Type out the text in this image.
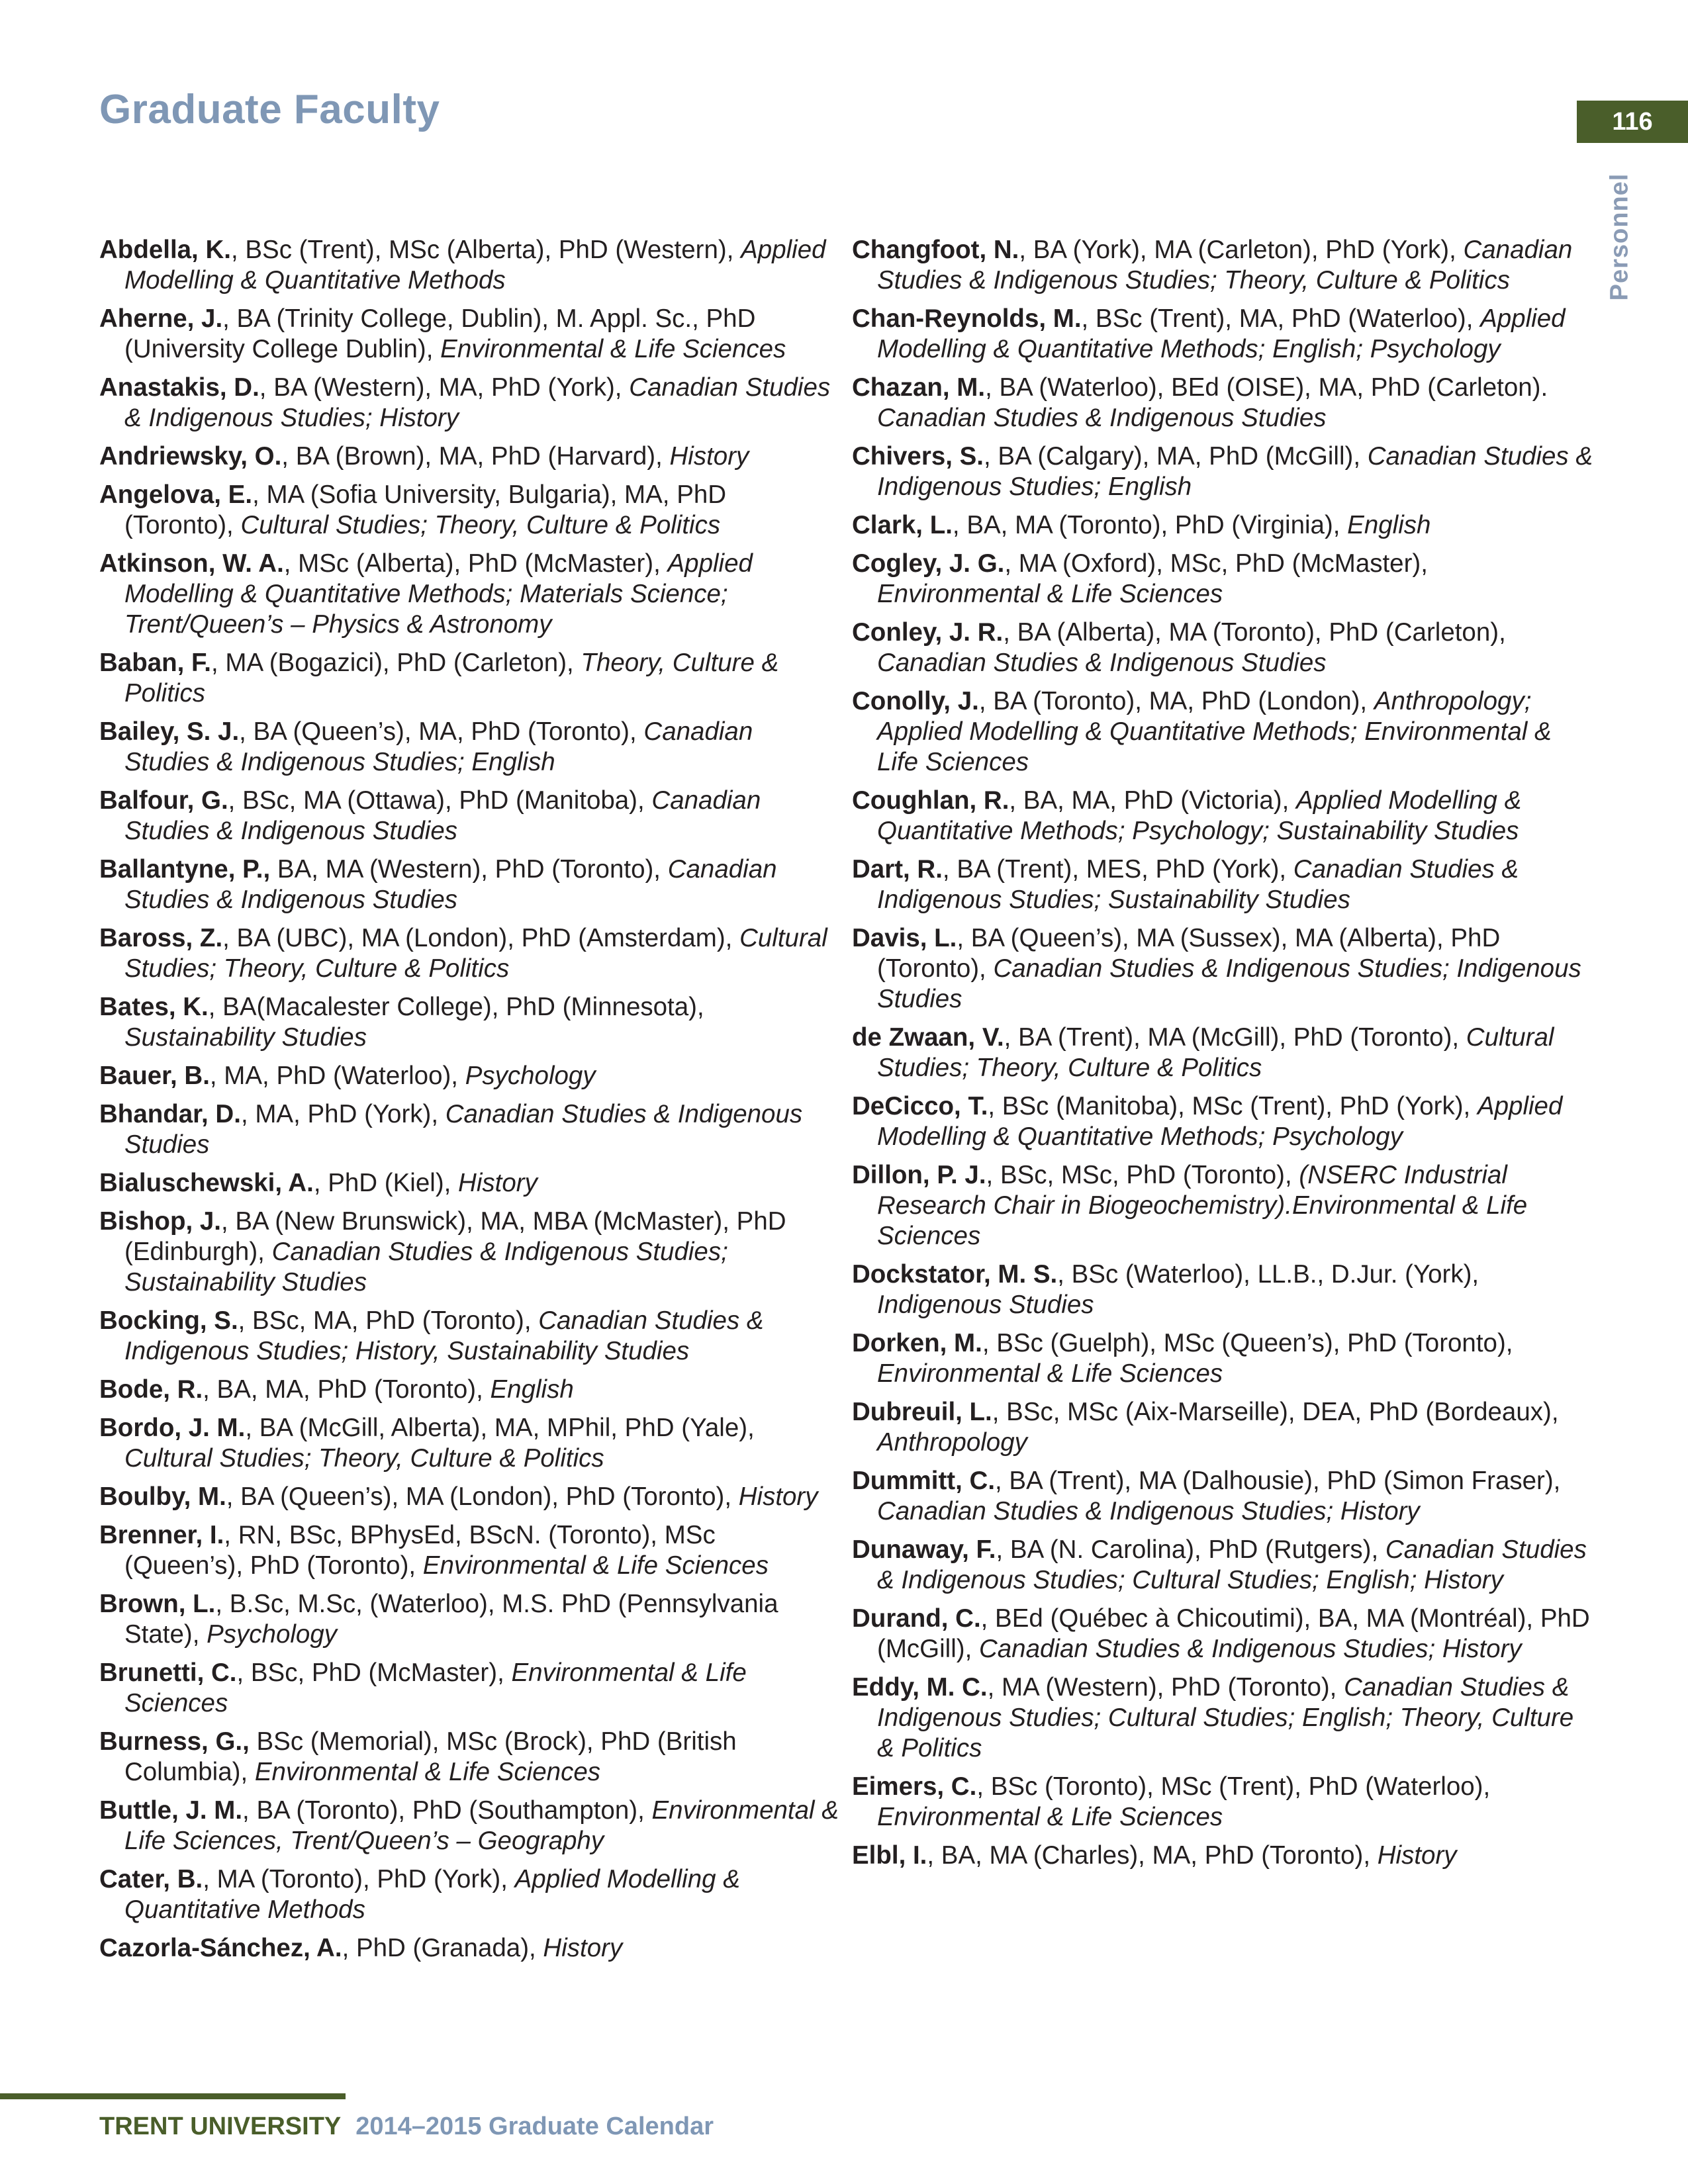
Graduate Faculty	116
Personnel
Abdella, K., BSc (Trent), MSc (Alberta), PhD (Western), Applied Modelling & Quantitative Methods
Aherne, J., BA (Trinity College, Dublin), M. Appl. Sc., PhD (University College Dublin), Environmental & Life Sciences
Anastakis, D., BA (Western), MA, PhD (York), Canadian Studies & Indigenous Studies; History
Andriewsky, O., BA (Brown), MA, PhD (Harvard), History
Angelova, E., MA (Sofia University, Bulgaria), MA, PhD (Toronto), Cultural Studies; Theory, Culture & Politics
Atkinson, W. A., MSc (Alberta), PhD (McMaster), Applied Modelling & Quantitative Methods; Materials Science; Trent/Queen’s – Physics & Astronomy
Baban, F., MA (Bogazici), PhD (Carleton), Theory, Culture & Politics
Bailey, S. J., BA (Queen’s), MA, PhD (Toronto), Canadian Studies & Indigenous Studies; English
Balfour, G., BSc, MA (Ottawa), PhD (Manitoba), Canadian Studies & Indigenous Studies
Ballantyne, P., BA, MA (Western), PhD (Toronto), Canadian Studies & Indigenous Studies
Baross, Z., BA (UBC), MA (London), PhD (Amsterdam), Cultural Studies; Theory, Culture & Politics
Bates, K., BA(Macalester College), PhD (Minnesota), Sustainability Studies
Bauer, B., MA, PhD (Waterloo), Psychology
Bhandar, D., MA, PhD (York), Canadian Studies & Indigenous Studies
Bialuschewski, A., PhD (Kiel), History
Bishop, J., BA (New Brunswick), MA, MBA (McMaster), PhD (Edinburgh), Canadian Studies & Indigenous Studies; Sustainability Studies
Bocking, S., BSc, MA, PhD (Toronto), Canadian Studies & Indigenous Studies; History, Sustainability Studies
Bode, R., BA, MA, PhD (Toronto), English
Bordo, J. M., BA (McGill, Alberta), MA, MPhil, PhD (Yale), Cultural Studies; Theory, Culture & Politics
Boulby, M., BA (Queen’s), MA (London), PhD (Toronto), History
Brenner, I., RN, BSc, BPhysEd, BScN. (Toronto), MSc (Queen’s), PhD (Toronto), Environmental & Life Sciences
Brown, L., B.Sc, M.Sc, (Waterloo), M.S. PhD (Pennsylvania State), Psychology
Brunetti, C., BSc, PhD (McMaster), Environmental & Life Sciences
Burness, G., BSc (Memorial), MSc (Brock), PhD (British Columbia), Environmental & Life Sciences
Buttle, J. M., BA (Toronto), PhD (Southampton), Environmental & Life Sciences, Trent/Queen’s – Geography
Cater, B., MA (Toronto), PhD (York), Applied Modelling & Quantitative Methods
Cazorla-Sánchez, A., PhD (Granada), History
Changfoot, N., BA (York), MA (Carleton), PhD (York), Canadian Studies & Indigenous Studies; Theory, Culture & Politics
Chan-Reynolds, M., BSc (Trent), MA, PhD (Waterloo), Applied Modelling & Quantitative Methods; English; Psychology
Chazan, M., BA (Waterloo), BEd (OISE), MA, PhD (Carleton). Canadian Studies & Indigenous Studies
Chivers, S., BA (Calgary), MA, PhD (McGill), Canadian Studies & Indigenous Studies; English
Clark, L., BA, MA (Toronto), PhD (Virginia), English
Cogley, J. G., MA (Oxford), MSc, PhD (McMaster), Environmental & Life Sciences
Conley, J. R., BA (Alberta), MA (Toronto), PhD (Carleton), Canadian Studies & Indigenous Studies
Conolly, J., BA (Toronto), MA, PhD (London), Anthropology; Applied Modelling & Quantitative Methods; Environmental & Life Sciences
Coughlan, R., BA, MA, PhD (Victoria), Applied Modelling & Quantitative Methods; Psychology; Sustainability Studies
Dart, R., BA (Trent), MES, PhD (York), Canadian Studies & Indigenous Studies; Sustainability Studies
Davis, L., BA (Queen’s), MA (Sussex), MA (Alberta), PhD (Toronto), Canadian Studies & Indigenous Studies; Indigenous Studies
de Zwaan, V., BA (Trent), MA (McGill), PhD (Toronto), Cultural Studies; Theory, Culture & Politics
DeCicco, T., BSc (Manitoba), MSc (Trent), PhD (York), Applied Modelling & Quantitative Methods; Psychology
Dillon, P. J., BSc, MSc, PhD (Toronto), (NSERC Industrial Research Chair in Biogeochemistry).Environmental & Life Sciences
Dockstator, M. S., BSc (Waterloo), LL.B., D.Jur. (York), Indigenous Studies
Dorken, M., BSc (Guelph), MSc (Queen’s), PhD (Toronto), Environmental & Life Sciences
Dubreuil, L., BSc, MSc (Aix-Marseille), DEA, PhD (Bordeaux), Anthropology
Dummitt, C., BA (Trent), MA (Dalhousie), PhD (Simon Fraser), Canadian Studies & Indigenous Studies; History
Dunaway, F., BA (N. Carolina), PhD (Rutgers), Canadian Studies & Indigenous Studies; Cultural Studies; English; History
Durand, C., BEd (Québec à Chicoutimi), BA, MA (Montréal), PhD (McGill), Canadian Studies & Indigenous Studies; History
Eddy, M. C., MA (Western), PhD (Toronto), Canadian Studies & Indigenous Studies; Cultural Studies; English; Theory, Culture & Politics
Eimers, C., BSc (Toronto), MSc (Trent), PhD (Waterloo), Environmental & Life Sciences
Elbl, I., BA, MA (Charles), MA, PhD (Toronto), History
TRENT UNIVERSITY 2014–2015 Graduate Calendar
